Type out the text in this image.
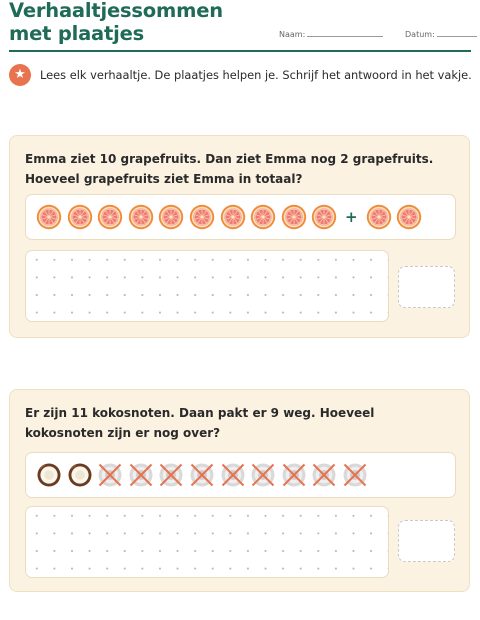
Verhaaltjessommen met plaatjes	Naam:	Datum:
★	Lees elk verhaaltje. De plaatjes helpen je. Schrijf het antwoord in het vakje.
Emma ziet 10 grapefruits. Dan ziet Emma nog 2 grapefruits. Hoeveel grapefruits ziet Emma in totaal?
+
Er zijn 11 kokosnoten. Daan pakt er 9 weg. Hoeveel kokosnoten zijn er nog over?
